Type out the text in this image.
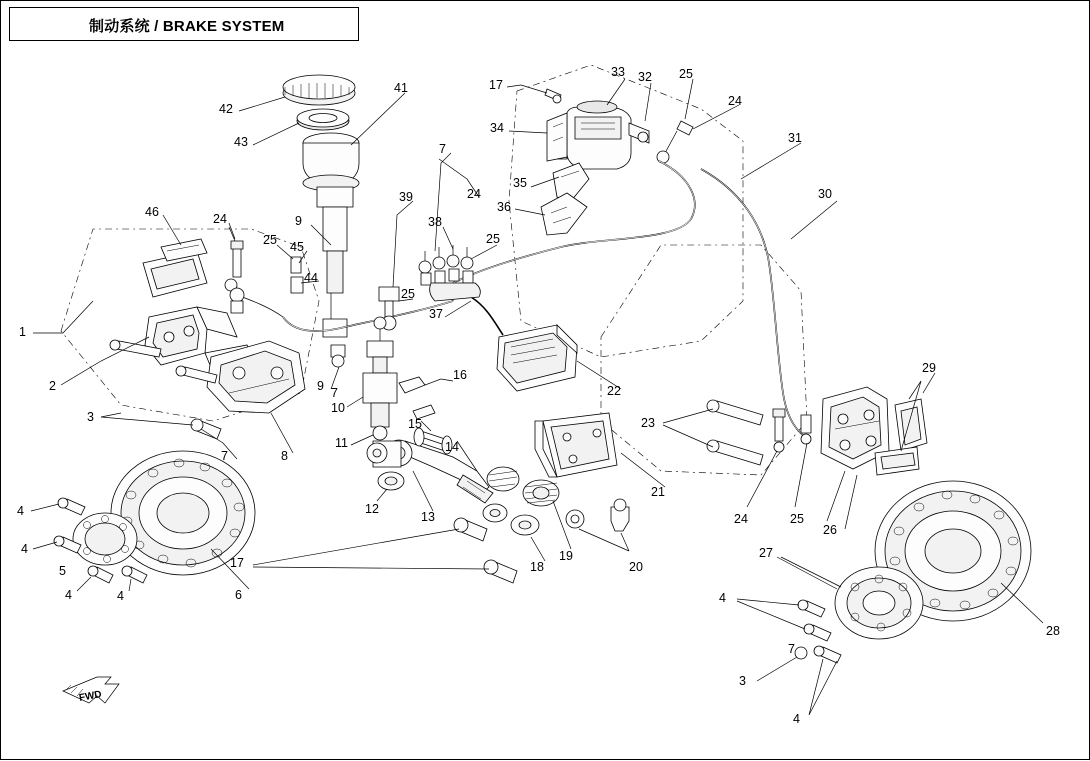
制动系统 / BRAKE SYSTEM
1
2
3
4
4
4	4
5
6
7
7
7
8
9
9
10
11
12
13
14
15
16
17
17
18
19
20
21
22
23
24
24
24
24
25
25
25
25
25
26
27
28
29
30
31
32
33
34
35
36
37
38
39
41
42
43
44
45
46
3
4
4
7
FWD
